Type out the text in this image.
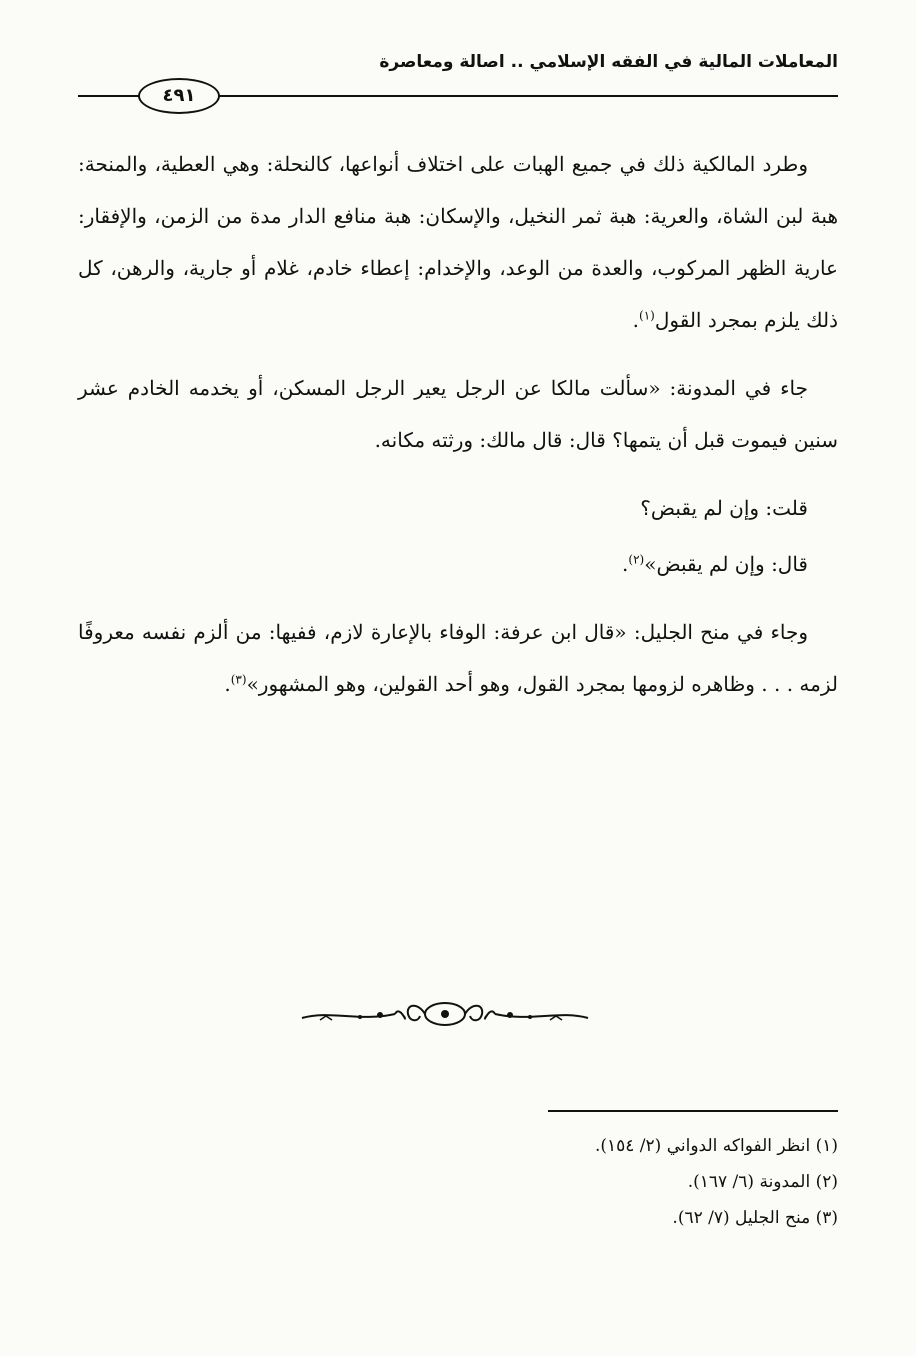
المعاملات المالية في الفقه الإسلامي .. اصالة ومعاصرة
٤٩١

وطرد المالكية ذلك في جميع الهبات على اختلاف أنواعها، كالنحلة: وهي العطية، والمنحة: هبة لبن الشاة، والعرية: هبة ثمر النخيل، والإسكان: هبة منافع الدار مدة من الزمن، والإفقار: عارية الظهر المركوب، والعدة من الوعد، والإخدام: إعطاء خادم، غلام أو جارية، والرهن، كل ذلك يلزم بمجرد القول$^{(١)}$.

جاء في المدونة: «سألت مالكا عن الرجل يعير الرجل المسكن، أو يخدمه الخادم عشر سنين فيموت قبل أن يتمها؟ قال: قال مالك: ورثته مكانه.

قلت: وإن لم يقبض؟

قال: وإن لم يقبض»$^{(٢)}$.

وجاء في منح الجليل: «قال ابن عرفة: الوفاء بالإعارة لازم، ففيها: من ألزم نفسه معروفًا لزمه . . . وظاهره لزومها بمجرد القول، وهو أحد القولين، وهو المشهور»$^{(٣)}$.

(١) انظر الفواكه الدواني (٢/ ١٥٤).
(٢) المدونة (٦/ ١٦٧).
(٣) منح الجليل (٧/ ٦٢).
